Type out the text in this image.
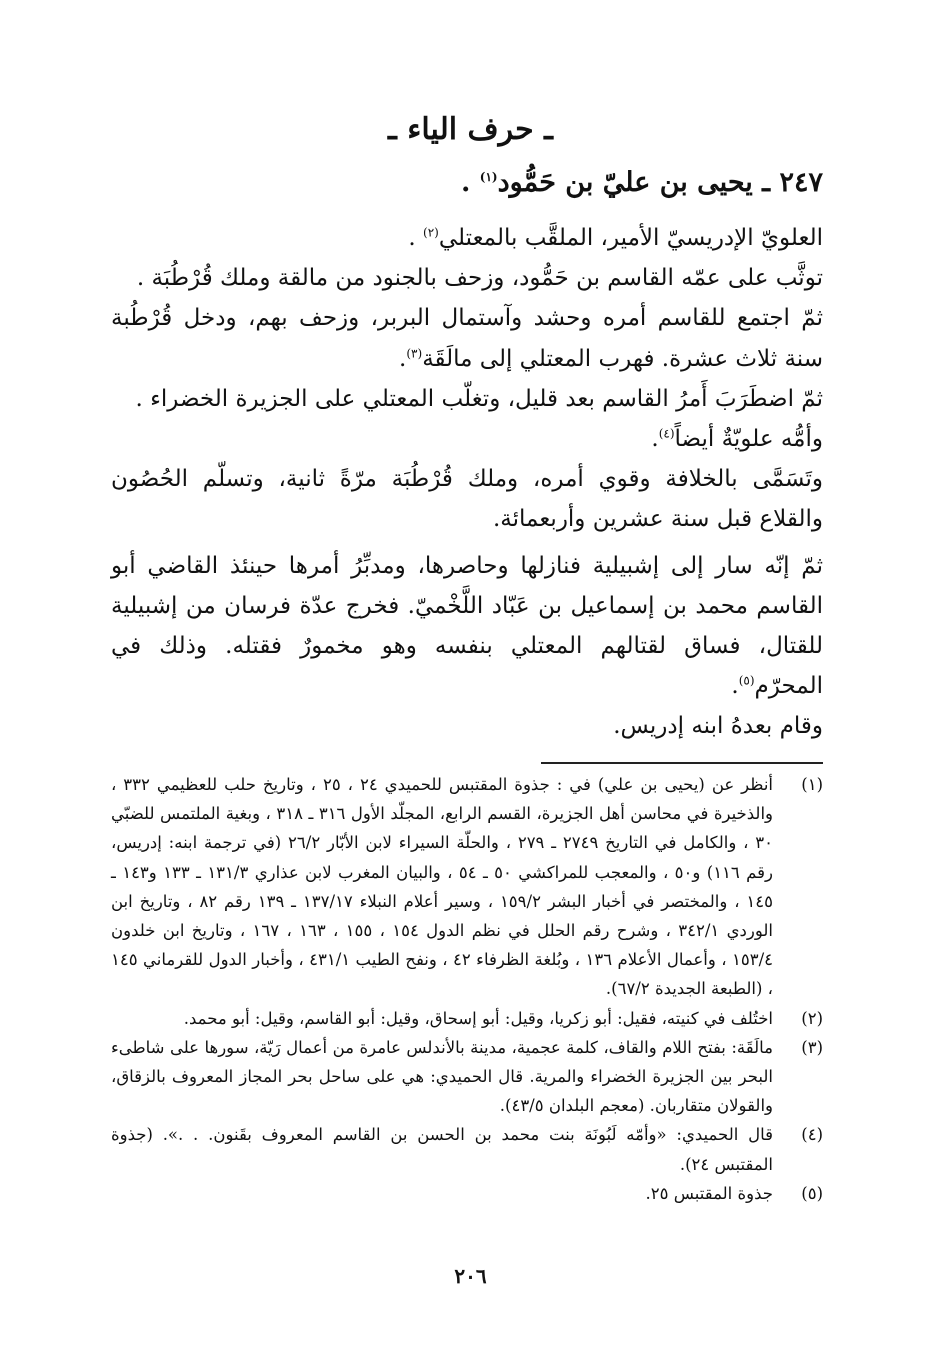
ـ حرف الياء ـ
٢٤٧ ـ يحيى بن عليّ بن حَمُّود$^{(١)}$ .

العلويّ الإدريسيّ الأمير، الملقَّب بالمعتلي$^{(٢)}$ .

توثَّب على عمّه القاسم بن حَمُّود، وزحف بالجنود من مالقة وملك قُرْطُبَة .

ثمّ اجتمع للقاسم أمره وحشد وآستمال البربر، وزحف بهم، ودخل قُرْطُبة سنة ثلاث عشرة. فهرب المعتلي إلى مالَقَة$^{(٣)}$.

ثمّ اضطَرَبَ أَمرُ القاسم بعد قليل، وتغلّب المعتلي على الجزيرة الخضراء .

وأمُّه علويّةٌ أيضاً$^{(٤)}$.

وتَسَمَّى بالخلافة وقوي أمره، وملك قُرْطُبَة مرّةً ثانية، وتسلّم الحُصُون والقلاع قبل سنة عشرين وأربعمائة.

ثمّ إنّه سار إلى إشبيلية فنازلها وحاصرها، ومدبِّرُ أمرها حينئذ القاضي أبو القاسم محمد بن إسماعيل بن عَبّاد اللَّخْميّ. فخرج عدّة فرسان من إشبيلية للقتال، فساق لقتالهم المعتلي بنفسه وهو مخمورٌ فقتله. وذلك في المحرّم$^{(٥)}$.

وقام بعدهُ ابنه إدريس.

(١)
أنظر عن (يحيى بن علي) في : جذوة المقتبس للحميدي ٢٤ ، ٢٥ ، وتاريخ حلب للعظيمي ٣٣٢ ، والذخيرة في محاسن أهل الجزيرة، القسم الرابع، المجلّد الأول ٣١٦ ـ ٣١٨ ، وبغية الملتمس للضبّي ٣٠ ، والكامل في التاريخ ٢٧٤٩ ـ ٢٧٩ ، والحلّة السيراء لابن الأبّار ٢٦/٢ (في ترجمة ابنه: إدريس، رقم ١١٦) و٥٠ ، والمعجب للمراكشي ٥٠ ـ ٥٤ ، والبيان المغرب لابن عذاري ١٣١/٣ ـ ١٣٣ و١٤٣ ـ ١٤٥ ، والمختصر في أخبار البشر ١٥٩/٢ ، وسير أعلام النبلاء ١٣٧/١٧ ـ ١٣٩ رقم ٨٢ ، وتاريخ ابن الوردي ٣٤٢/١ ، وشرح رقم الحلل في نظم الدول ١٥٤ ، ١٥٥ ، ١٦٣ ، ١٦٧ ، وتاريخ ابن خلدون ١٥٣/٤ ، وأعمال الأعلام ١٣٦ ، وبُلغة الظرفاء ٤٢ ، ونفح الطيب ٤٣١/١ ، وأخبار الدول للقرماني ١٤٥ ، (الطبعة الجديدة ٦٧/٢).
(٢)
اختُلف في كنيته، فقيل: أبو زكريا، وقيل: أبو إسحاق، وقيل: أبو القاسم، وقيل: أبو محمد.
(٣)
مالَقَة: بفتح اللام والقاف، كلمة عجمية، مدينة بالأندلس عامرة من أعمال رَيّة، سورها على شاطىء البحر بين الجزيرة الخضراء والمرية. قال الحميدي: هي على ساحل بحر المجاز المعروف بالزقاق، والقولان متقاربان. (معجم البلدان ٤٣/٥).
(٤)
قال الحميدي: «وأمّه لَبُونَة بنت محمد بن الحسن بن القاسم المعروف بقَنون. . .». (جذوة المقتبس ٢٤).
(٥)
جذوة المقتبس ٢٥.
٢٠٦
